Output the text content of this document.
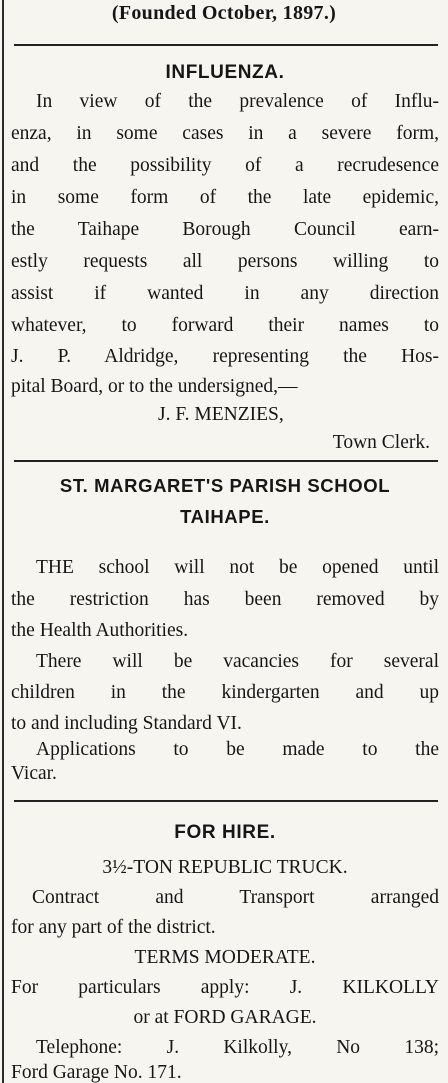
(Founded October, 1897.)
INFLUENZA.
In view of the prevalence of Influ-
enza, in some cases in a severe form,
and the possibility of a recrudesence
in some form of the late epidemic,
the Taihape Borough Council earn-
estly requests all persons willing to
assist if wanted in any direction
whatever, to forward their names to
J. P. Aldridge, representing the Hos-
pital Board, or to the undersigned,—
J. F. MENZIES,
Town Clerk.
ST. MARGARET'S PARISH SCHOOL
TAIHAPE.
THE school will not be opened until
the restriction has been removed by
the Health Authorities.
There will be vacancies for several
children in the kindergarten and up
to and including Standard VI.
Applications to be made to the
Vicar.
FOR HIRE.
3½-TON REPUBLIC TRUCK.
Contract and Transport arranged
for any part of the district.
TERMS MODERATE.
For particulars apply: J. KILKOLLY
or at FORD GARAGE.
Telephone: J. Kilkolly, No 138;
Ford Garage No. 171.
